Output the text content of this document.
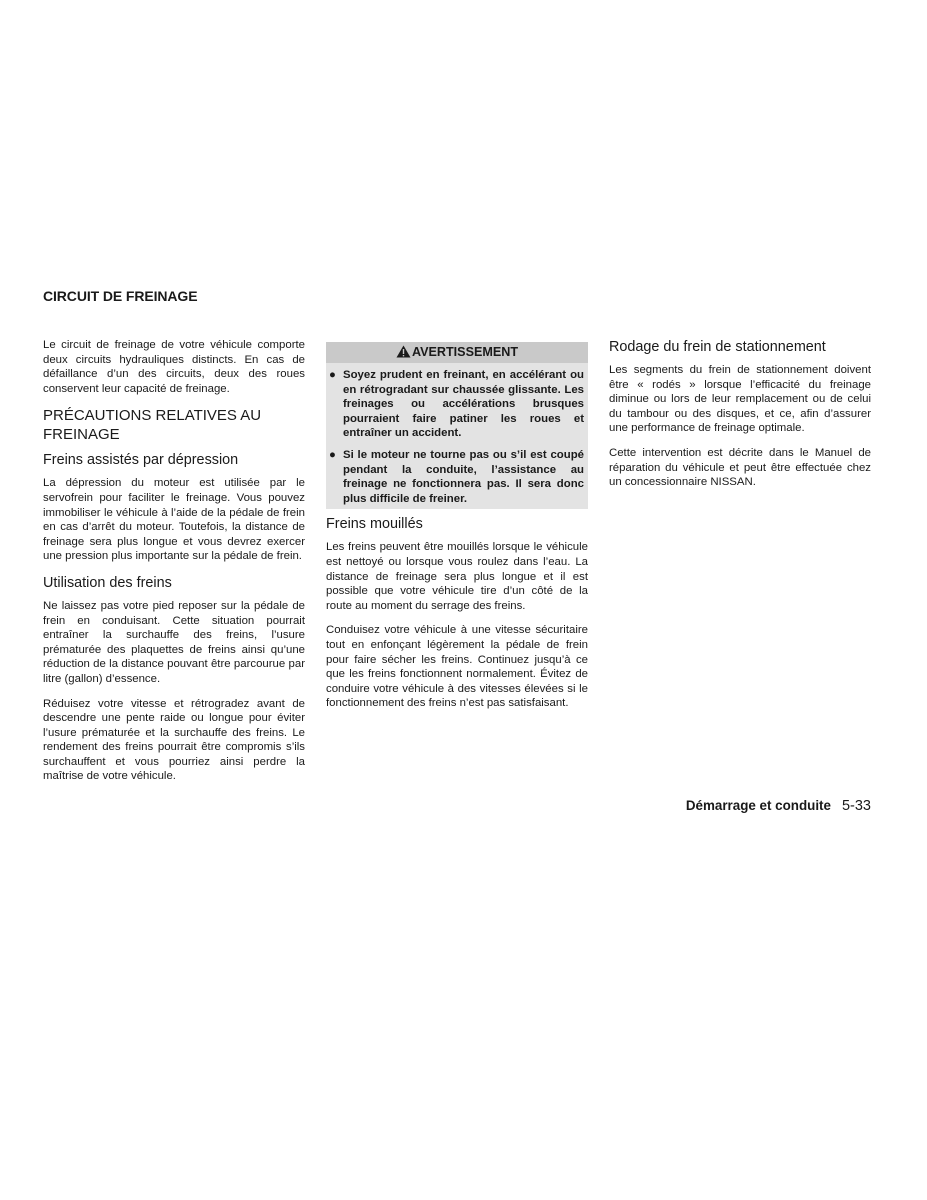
CIRCUIT DE FREINAGE

Le circuit de freinage de votre véhicule comporte deux circuits hydrauliques distincts. En cas de défaillance d’un des circuits, deux des roues conservent leur capacité de freinage.

PRÉCAUTIONS RELATIVES AU FREINAGE
Freins assistés par dépression

La dépression du moteur est utilisée par le servofrein pour faciliter le freinage. Vous pouvez immobiliser le véhicule à l’aide de la pédale de frein en cas d’arrêt du moteur. Toutefois, la distance de freinage sera plus longue et vous devrez exercer une pression plus importante sur la pédale de frein.

Utilisation des freins

Ne laissez pas votre pied reposer sur la pédale de frein en conduisant. Cette situation pourrait entraîner la surchauffe des freins, l’usure prématurée des plaquettes de freins ainsi qu’une réduction de la distance pouvant être parcourue par litre (gallon) d’essence.

Réduisez votre vitesse et rétrogradez avant de descendre une pente raide ou longue pour éviter l’usure prématurée et la surchauffe des freins. Le rendement des freins pourrait être compromis s’ils surchauffent et vous pourriez ainsi perdre la maîtrise de votre véhicule.

AVERTISSEMENT
● Soyez prudent en freinant, en accélérant ou en rétrogradant sur chaussée glissante. Les freinages ou accélérations brusques pourraient faire patiner les roues et entraîner un accident.
● Si le moteur ne tourne pas ou s’il est coupé pendant la conduite, l’assistance au freinage ne fonctionnera pas. Il sera donc plus difficile de freiner.
Freins mouillés

Les freins peuvent être mouillés lorsque le véhicule est nettoyé ou lorsque vous roulez dans l’eau. La distance de freinage sera plus longue et il est possible que votre véhicule tire d’un côté de la route au moment du serrage des freins.

Conduisez votre véhicule à une vitesse sécuritaire tout en enfonçant légèrement la pédale de frein pour faire sécher les freins. Continuez jusqu’à ce que les freins fonctionnent normalement. Évitez de conduire votre véhicule à des vitesses élevées si le fonctionnement des freins n’est pas satisfaisant.

Rodage du frein de stationnement

Les segments du frein de stationnement doivent être « rodés » lorsque l’efficacité du freinage diminue ou lors de leur remplacement ou de celui du tambour ou des disques, et ce, afin d’assurer une performance de freinage optimale.

Cette intervention est décrite dans le Manuel de réparation du véhicule et peut être effectuée chez un concessionnaire NISSAN.

Démarrage et conduite 5-33
